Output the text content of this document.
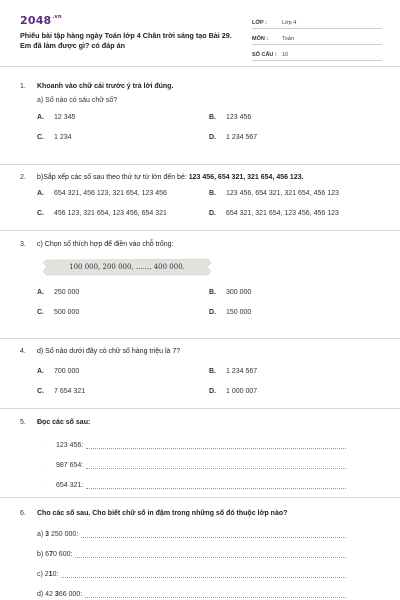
$2048^{.vn}$
Phiếu bài tập hàng ngày Toán lớp 4 Chân trời sáng tạo Bài 29. Em đã làm được gì? có đáp án
LỚP :	Lớp 4
MÔN :	Toán
SỐ CÂU : 10
1.	Khoanh vào chữ cái trước ý trả lời đúng.
a) Số nào có sáu chữ số?
A.	12 345	B.	123 456
C.	1 234	D.	1 234 567
2.	b)Sắp xếp các số sau theo thứ tự từ lớn đến bé: 123 456, 654 321, 321 654, 456 123.
A.	654 321, 456 123, 321 654, 123 456	B.	123 456, 654 321, 321 654, 456 123
C.	456 123, 321 654, 123 456, 654 321	D.	654 321, 321 654, 123 456, 456 123
3.	c) Chọn số thích hợp để điền vào chỗ trống:
100 000, 200 000, ......, 400 000.
A.	250 000	B.	300 000
C.	500 000	D.	150 000
4.	d) Số nào dưới đây có chữ số hàng triệu là 7?
A.	700 000	B.	1 234 567
C.	7 654 321	D.	1 000 007
5.	Đọc các số sau:
·	123 456:
·	987 654:
·	654 321:
6.	Cho các số sau. Cho biết chữ số in đậm trong những số đó thuộc lớp nào?
a) 3 250 000:
b) 670 600:
c) 210:
d) 42 366 000:
